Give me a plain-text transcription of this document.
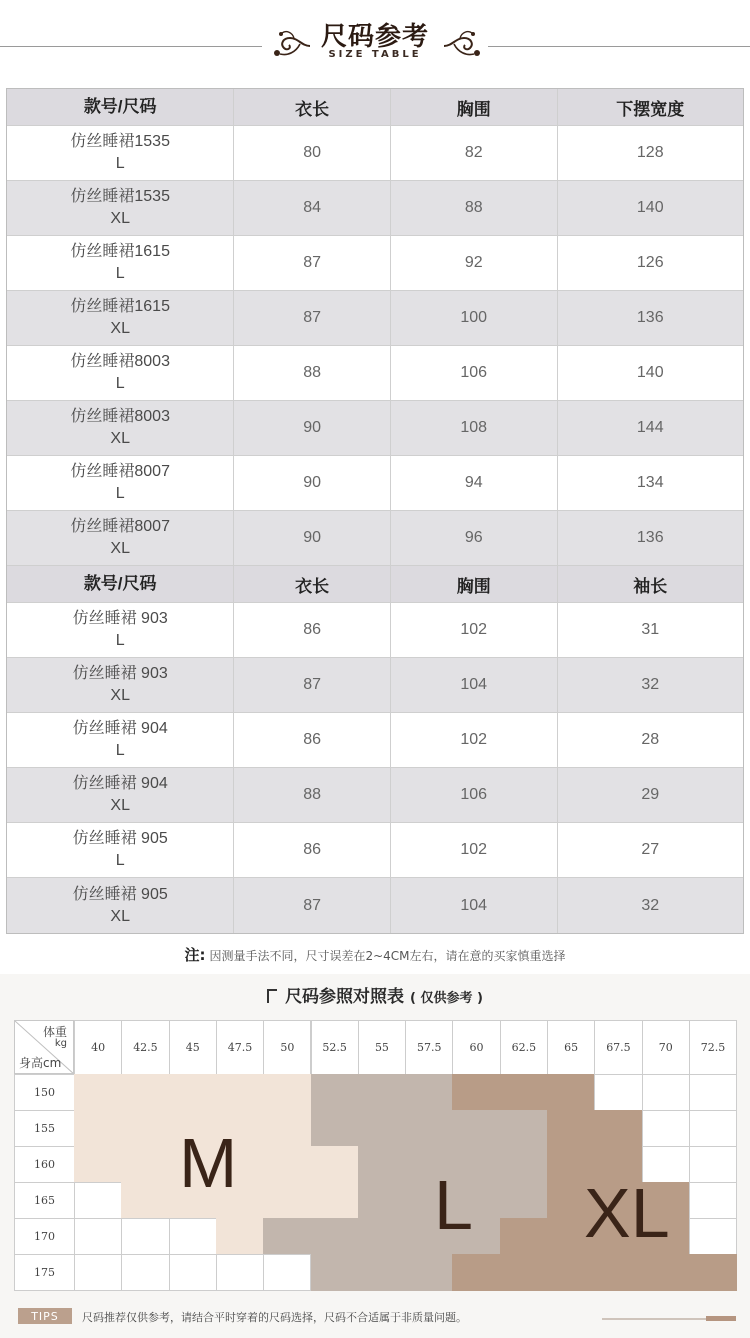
尺码参考
SIZE TABLE
款号/尺码	衣长	胸围	下摆宽度
仿丝睡裙1535
L
80	82	128
仿丝睡裙1535
XL
84	88	140
仿丝睡裙1615
L
87	92	126
仿丝睡裙1615
XL
87	100	136
仿丝睡裙8003
L
88	106	140
仿丝睡裙8003
XL
90	108	144
仿丝睡裙8007
L
90	94	134
仿丝睡裙8007
XL
90	96	136
款号/尺码	衣长	胸围	袖长
仿丝睡裙 903
L
86	102	31
仿丝睡裙 903
XL
87	104	32
仿丝睡裙 904
L
86	102	28
仿丝睡裙 904
XL
88	106	29
仿丝睡裙 905
L
86	102	27
仿丝睡裙 905
XL
87	104	32
注: 因测量手法不同，尺寸误差在2~4CM左右，请在意的买家慎重选择
尺码参照对照表 ( 仅供参考 )
体重
kg
身高cm
40	42.5	45	47.5	50	52.5	55	57.5	60	62.5	65	67.5	70	72.5
150
155
160
165
170
175
M
L XL
TIPS	尺码推荐仅供参考，请结合平时穿着的尺码选择，尺码不合适属于非质量问题。
